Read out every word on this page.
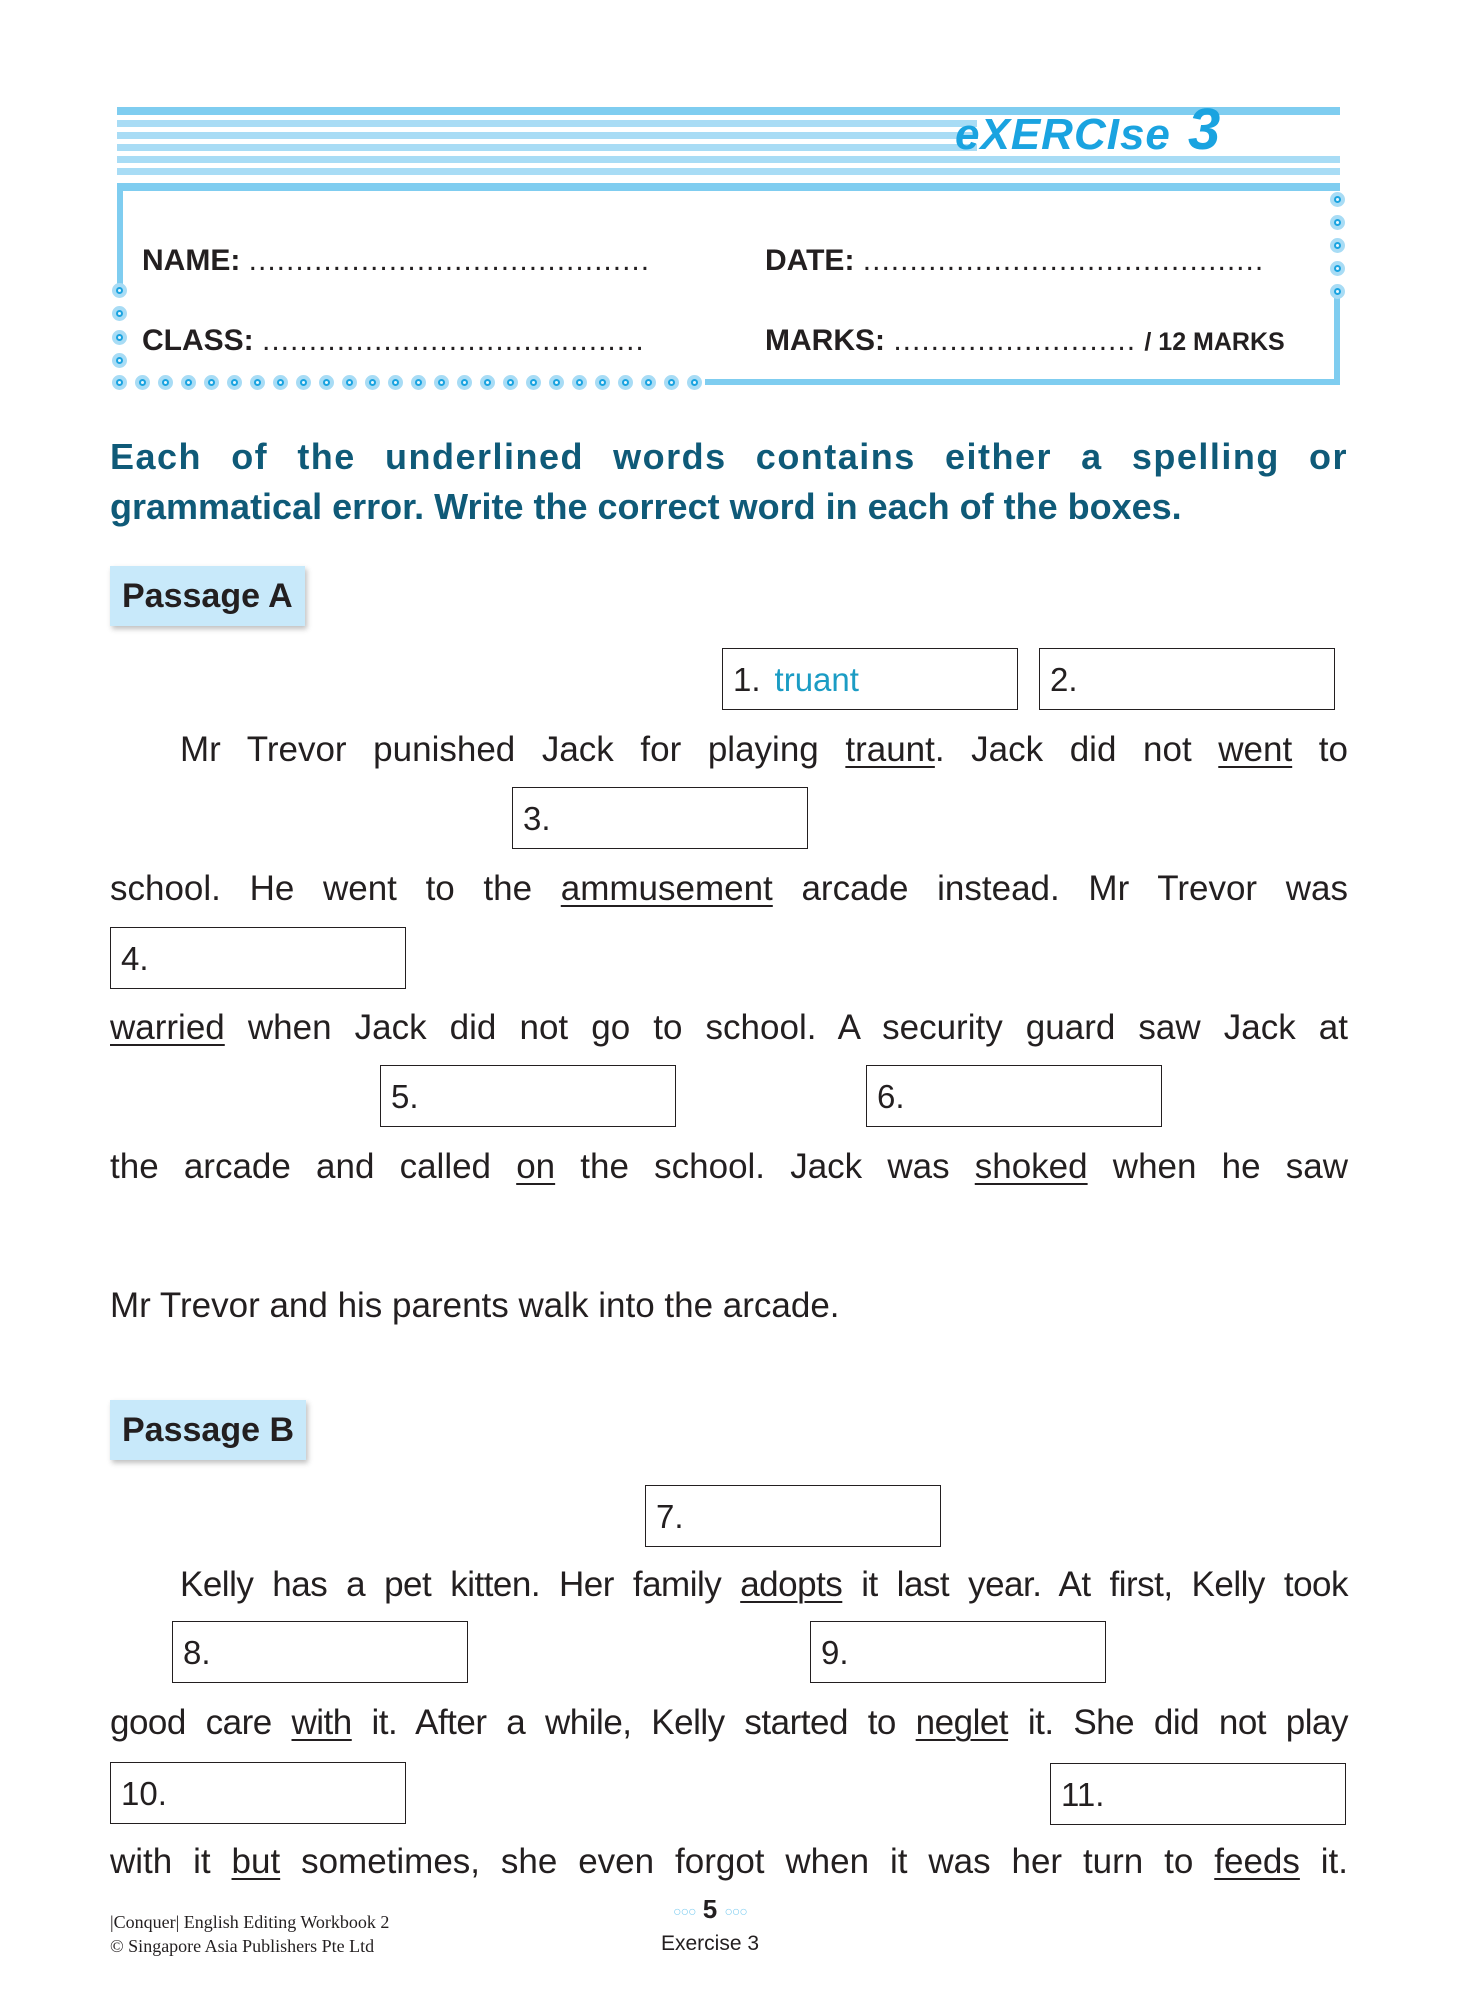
eXERCIse 3
NAME: ...........................................	DATE: ...........................................
CLASS: .........................................	MARKS: .......................... / 12 MARKS
Each of the underlined words contains either a spelling or
grammatical error. Write the correct word in each of the boxes.
Passage A
1. truant	2.
Mr Trevor punished Jack for playing traunt. Jack did not went to
3.
school. He went to the ammusement arcade instead. Mr Trevor was
4.
warried when Jack did not go to school. A security guard saw Jack at
5.	6.
the arcade and called on the school. Jack was shoked when he saw
Mr Trevor and his parents walk into the arcade.
Passage B
7.
Kelly has a pet kitten. Her family adopts it last year. At first, Kelly took
8.	9.
good care with it. After a while, Kelly started to neglet it. She did not play
10.	11.
with it but sometimes, she even forgot when it was her turn to feeds it.
|Conquer| English Editing Workbook 2
© Singapore Asia Publishers Pte Ltd
○○○ 5 ○○○
Exercise 3
